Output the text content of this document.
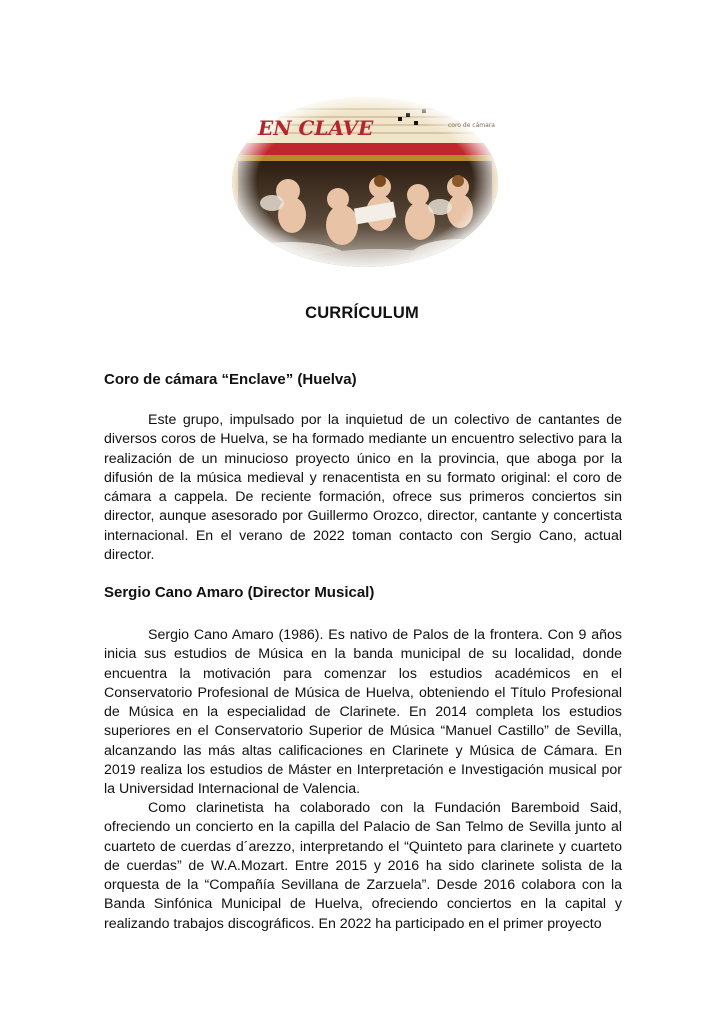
EN CLAVE	coro de cámara
CURRÍCULUM
Coro de cámara “Enclave” (Huelva)

Este grupo, impulsado por la inquietud de un colectivo de cantantes de diversos coros de Huelva, se ha formado mediante un encuentro selectivo para la realización de un minucioso proyecto único en la provincia, que aboga por la difusión de la música medieval y renacentista en su formato original: el coro de cámara a cappela. De reciente formación, ofrece sus primeros conciertos sin director, aunque asesorado por Guillermo Orozco, director, cantante y concertista internacional. En el verano de 2022 toman contacto con Sergio Cano, actual director.

Sergio Cano Amaro (Director Musical)

Sergio Cano Amaro (1986). Es nativo de Palos de la frontera. Con 9 años inicia sus estudios de Música en la banda municipal de su localidad, donde encuentra la motivación para comenzar los estudios académicos en el Conservatorio Profesional de Música de Huelva, obteniendo el Título Profesional de Música en la especialidad de Clarinete. En 2014 completa los estudios superiores en el Conservatorio Superior de Música “Manuel Castillo” de Sevilla, alcanzando las más altas calificaciones en Clarinete y Música de Cámara. En 2019 realiza los estudios de Máster en Interpretación e Investigación musical por la Universidad Internacional de Valencia.

Como clarinetista ha colaborado con la Fundación Baremboid Said, ofreciendo un concierto en la capilla del Palacio de San Telmo de Sevilla junto al cuarteto de cuerdas d´arezzo, interpretando el “Quinteto para clarinete y cuarteto de cuerdas” de W.A.Mozart. Entre 2015 y 2016 ha sido clarinete solista de la orquesta de la “Compañía Sevillana de Zarzuela”. Desde 2016 colabora con la Banda Sinfónica Municipal de Huelva, ofreciendo conciertos en la capital y realizando trabajos discográficos. En 2022 ha participado en el primer proyecto
